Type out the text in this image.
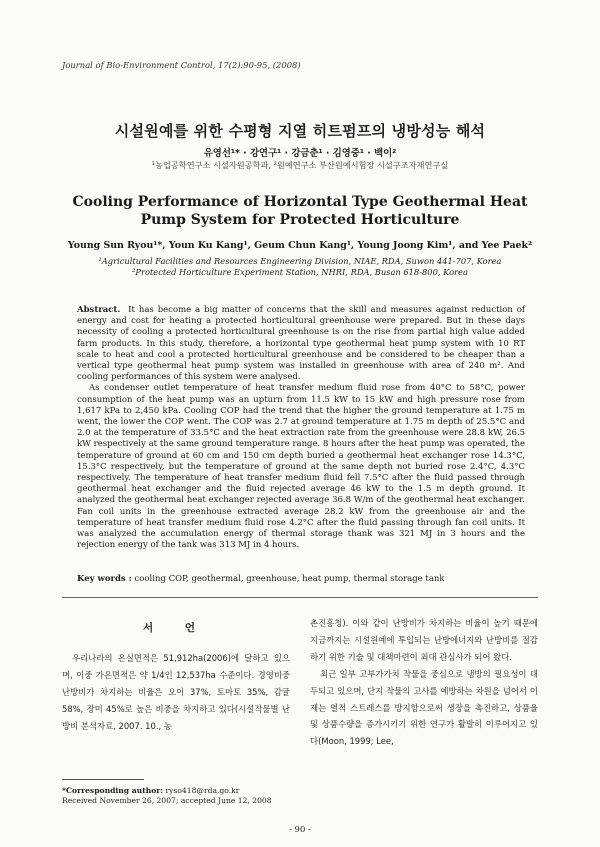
Journal of Bio-Environment Control, 17(2):90-95, (2008)
시설원예를 위한 수평형 지열 히트펌프의 냉방성능 해석
유영선¹* · 강연구¹ · 강금춘¹ · 김영중¹ · 백이²
¹농업공학연구소 시설자원공학과, ²원예연구소 부산원예시험장 시설구조자재연구실
Cooling Performance of Horizontal Type Geothermal Heat
Pump System for Protected Horticulture
Young Sun Ryou¹*, Youn Ku Kang¹, Geum Chun Kang¹, Young Joong Kim¹, and Yee Paek²
¹Agricultural Facilities and Resources Engineering Division, NIAE, RDA, Suwon 441-707, Korea
²Protected Horticulture Experiment Station, NHRI, RDA, Busan 618-800, Korea

Abstract. It has become a big matter of concerns that the skill and measures against reduction of energy and cost for heating a protected horticultural greenhouse were prepared. But in these days necessity of cooling a protected horticultural greenhouse is on the rise from partial high value added farm products. In this study, therefore, a horizontal type geothermal heat pump system with 10 RT scale to heat and cool a protected horticultural greenhouse and be considered to be cheaper than a vertical type geothermal heat pump system was installed in greenhouse with area of 240 m². And cooling performances of this system were analysed.

As condenser outlet temperature of heat transfer medium fluid rose from 40°C to 58°C, power consumption of the heat pump was an upturn from 11.5 kW to 15 kW and high pressure rose from 1,617 kPa to 2,450 kPa. Cooling COP had the trend that the higher the ground temperature at 1.75 m went, the lower the COP went. The COP was 2.7 at ground temperature at 1.75 m depth of 25.5°C and 2.0 at the temperature of 33.5°C and the heat extraction rate from the greenhouse were 28.8 kW, 26.5 kW respectively at the same ground temperature range. 8 hours after the heat pump was operated, the temperature of ground at 60 cm and 150 cm depth buried a geothermal heat exchanger rose 14.3°C, 15.3°C respectively, but the temperature of ground at the same depth not buried rose 2.4°C, 4.3°C respectively. The temperature of heat transfer medium fluid fell 7.5°C after the fluid passed through geothermal heat exchanger and the fluid rejected average 46 kW to the 1.5 m depth ground. It analyzed the geothermal heat exchanger rejected average 36.8 W/m of the geothermal heat exchanger. Fan coil units in the greenhouse extracted average 28.2 kW from the greenhouse air and the temperature of heat transfer medium fluid rose 4.2°C after the fluid passing through fan coil units. It was analyzed the accumulation energy of thermal storage thank was 321 MJ in 3 hours and the rejection energy of the tank was 313 MJ in 4 hours.

Key words : cooling COP, geothermal, greenhouse, heat pump, thermal storage tank
서 언

우리나라의 온실면적은 51,912ha(2006)에 달하고 있으며, 이중 가온면적은 약 1/4인 12,537ha 수준이다. 경영비중 난방비가 차지하는 비율은 오이 37%, 토마토 35%, 감귤 58%, 장미 45%로 높은 비중을 차지하고 있다(시설작물별 난방비 분석자료, 2007. 10., 농

촌진흥청). 이와 같이 난방비가 차지하는 비율이 높기 때문에 지금까지는 시설원예에 투입되는 난방에너지와 난방비를 절감하기 위한 기술 및 대책마련이 최대 관심사가 되어 왔다.

최근 일부 고부가가치 작물을 중심으로 냉방의 필요성이 대두되고 있으며, 단지 작물의 고사를 예방하는 차원을 넘어서 이제는 열적 스트레스를 방지함으로써 생장을 촉진하고, 상품율 및 상품수량을 증가시키기 위한 연구가 활발히 이루어지고 있다(Moon, 1999; Lee,

*Corresponding author: ryso418@rda.go.kr
Received November 26, 2007; accepted June 12, 2008
- 90 -
